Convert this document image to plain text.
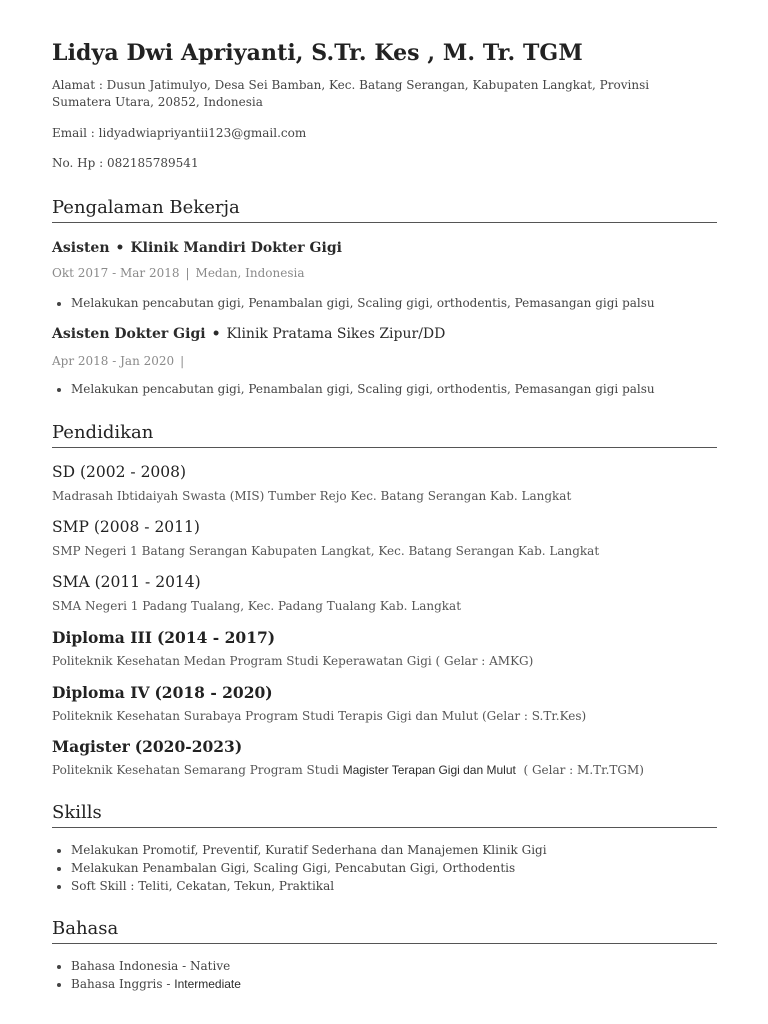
Lidya Dwi Apriyanti, S.Tr. Kes , M. Tr. TGM
Alamat : Dusun Jatimulyo, Desa Sei Bamban, Kec. Batang Serangan, Kabupaten Langkat, Provinsi Sumatera Utara, 20852, Indonesia
Email : lidyadwiapriyantii123@gmail.com
No. Hp : 082185789541
Pengalaman Bekerja
Asisten • Klinik Mandiri Dokter Gigi
Okt 2017 - Mar 2018 | Medan, Indonesia
• Melakukan pencabutan gigi, Penambalan gigi, Scaling gigi, orthodentis, Pemasangan gigi palsu
Asisten Dokter Gigi • Klinik Pratama Sikes Zipur/DD
Apr 2018 - Jan 2020 |
• Melakukan pencabutan gigi, Penambalan gigi, Scaling gigi, orthodentis, Pemasangan gigi palsu
Pendidikan
SD (2002 - 2008)
Madrasah Ibtidaiyah Swasta (MIS) Tumber Rejo Kec. Batang Serangan Kab. Langkat
SMP (2008 - 2011)
SMP Negeri 1 Batang Serangan Kabupaten Langkat, Kec. Batang Serangan Kab. Langkat
SMA (2011 - 2014)
SMA Negeri 1 Padang Tualang, Kec. Padang Tualang Kab. Langkat
Diploma III (2014 - 2017)
Politeknik Kesehatan Medan Program Studi Keperawatan Gigi ( Gelar : AMKG)
Diploma IV (2018 - 2020)
Politeknik Kesehatan Surabaya Program Studi Terapis Gigi dan Mulut (Gelar : S.Tr.Kes)
Magister (2020-2023)
Politeknik Kesehatan Semarang Program Studi Magister Terapan Gigi dan Mulut  ( Gelar : M.Tr.TGM)
Skills
• Melakukan Promotif, Preventif, Kuratif Sederhana dan Manajemen Klinik Gigi
• Melakukan Penambalan Gigi, Scaling Gigi, Pencabutan Gigi, Orthodentis
• Soft Skill : Teliti, Cekatan, Tekun, Praktikal
Bahasa
• Bahasa Indonesia - Native
• Bahasa Inggris - Intermediate
